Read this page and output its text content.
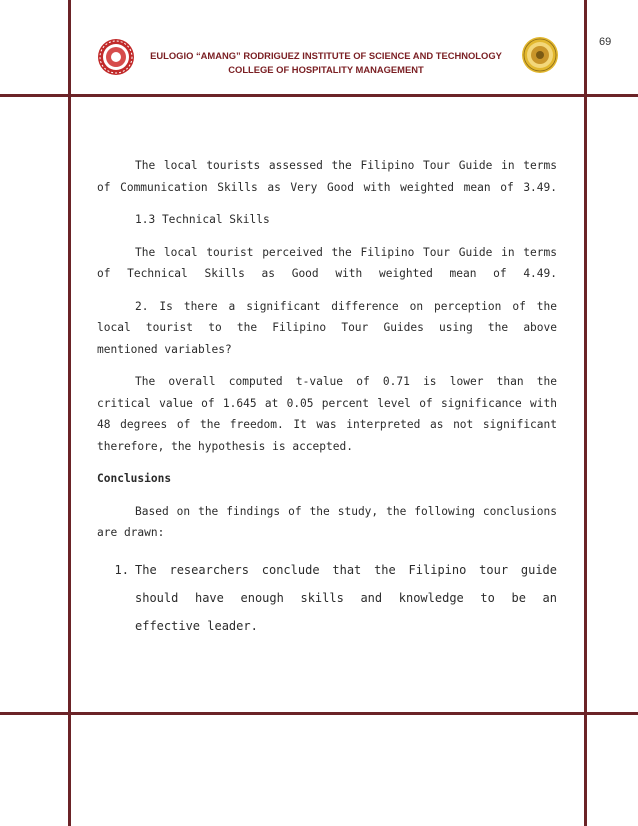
69
EULOGIO “AMANG” RODRIGUEZ INSTITUTE OF SCIENCE AND TECHNOLOGY
COLLEGE OF HOSPITALITY MANAGEMENT

The local tourists assessed the Filipino Tour Guide in terms

of Communication Skills as Very Good with weighted mean of 3.49.

1.3 Technical Skills

The local tourist perceived the Filipino Tour Guide in terms

of Technical Skills as Good with weighted mean of 4.49.

2. Is there a significant difference on perception of the

local tourist to the Filipino Tour Guides using the above

mentioned variables?

The overall computed t-value of 0.71 is lower than the

critical value of 1.645 at 0.05 percent level of significance with

48 degrees of the freedom. It was interpreted as not significant

therefore, the hypothesis is accepted.

Conclusions

Based on the findings of the study, the following conclusions

are drawn:

1. The researchers conclude that the Filipino tour guide
should have enough skills and knowledge to be an
effective leader.
